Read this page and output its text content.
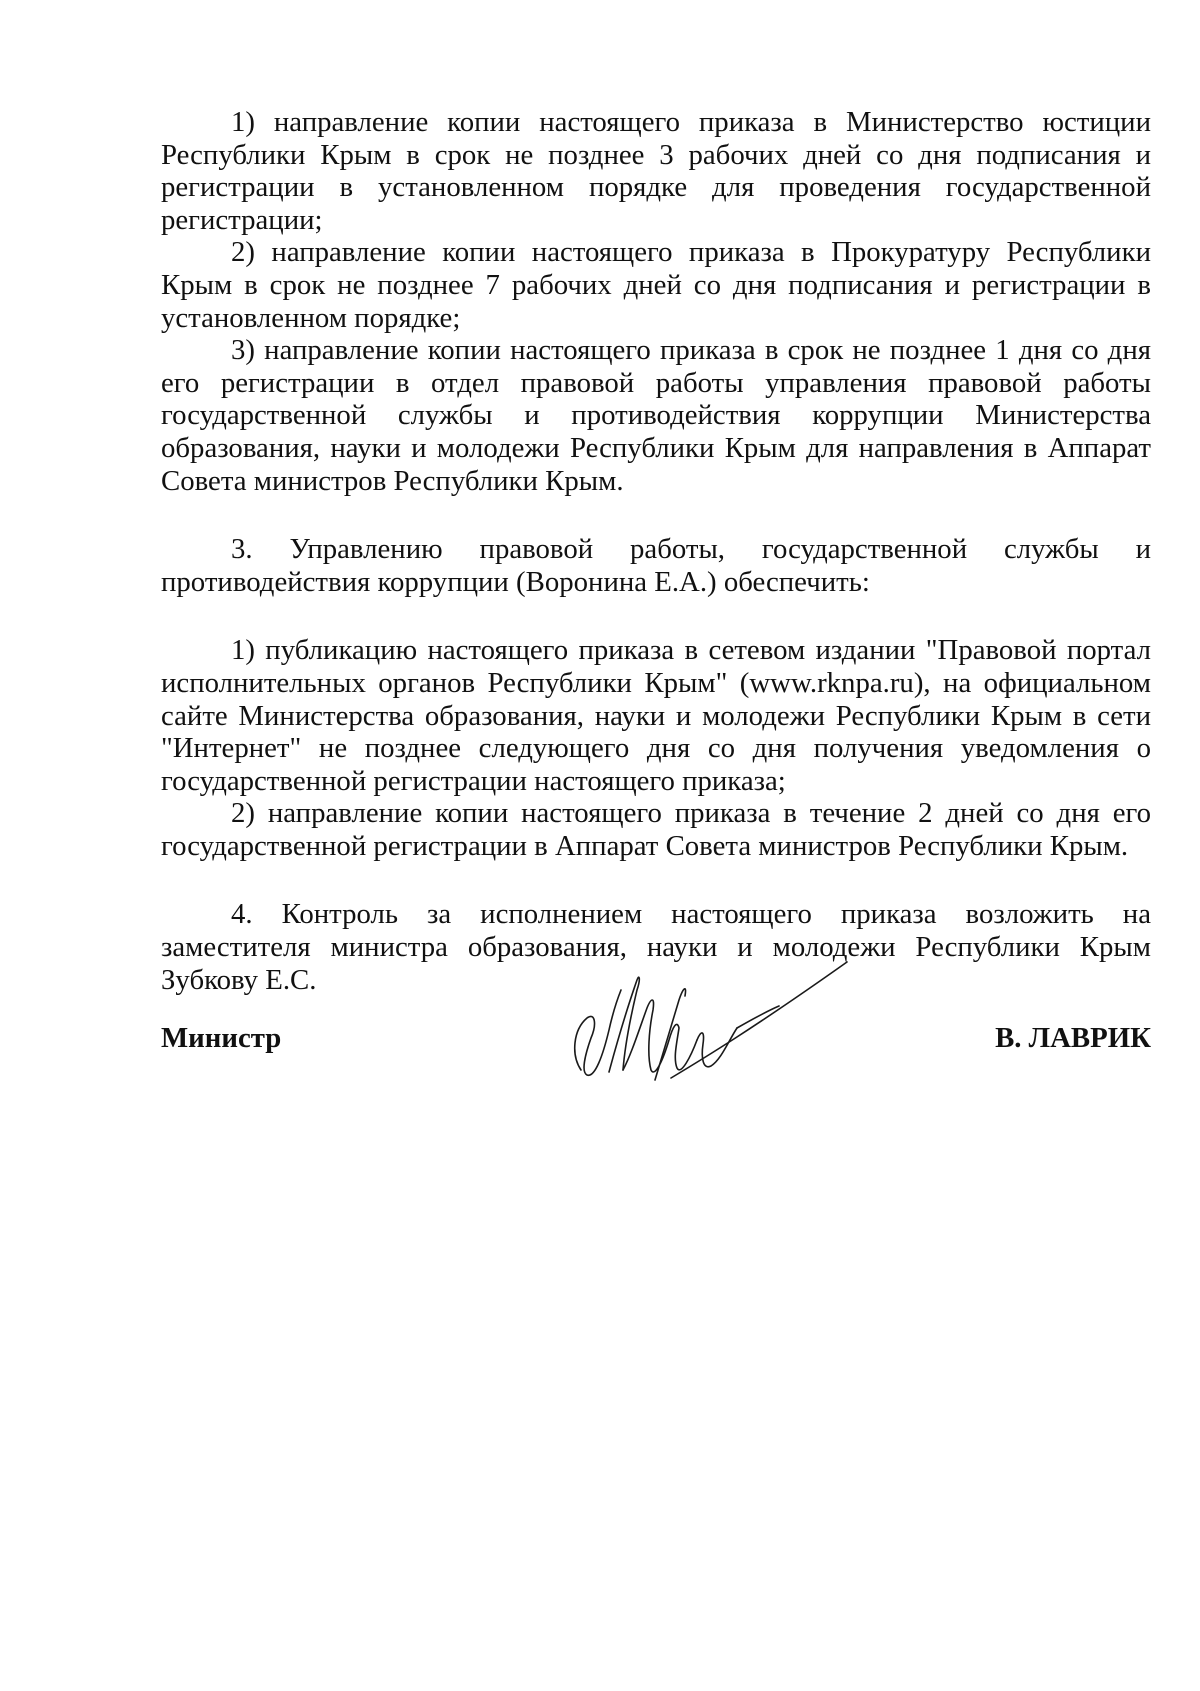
1) направление копии настоящего приказа в Министерство юстиции Республики Крым в срок не позднее 3 рабочих дней со дня подписания и регистрации в установленном порядке для проведения государственной регистрации;

2) направление копии настоящего приказа в Прокуратуру Республики Крым в срок не позднее 7 рабочих дней со дня подписания и регистрации в установленном порядке;

3) направление копии настоящего приказа в срок не позднее 1 дня со дня его регистрации в отдел правовой работы управления правовой работы государственной службы и противодействия коррупции Министерства образования, науки и молодежи Республики Крым для направления в Аппарат Совета министров Республики Крым.

3. Управлению правовой работы, государственной службы и противодействия коррупции (Воронина Е.А.) обеспечить:

1) публикацию настоящего приказа в сетевом издании "Правовой портал исполнительных органов Республики Крым" (www.rknpa.ru), на официальном сайте Министерства образования, науки и молодежи Республики Крым в сети "Интернет" не позднее следующего дня со дня получения уведомления о государственной регистрации настоящего приказа;

2) направление копии настоящего приказа в течение 2 дней со дня его государственной регистрации в Аппарат Совета министров Республики Крым.

4. Контроль за исполнением настоящего приказа возложить на заместителя министра образования, науки и молодежи Республики Крым Зубкову Е.С.

Министр	В. ЛАВРИК
